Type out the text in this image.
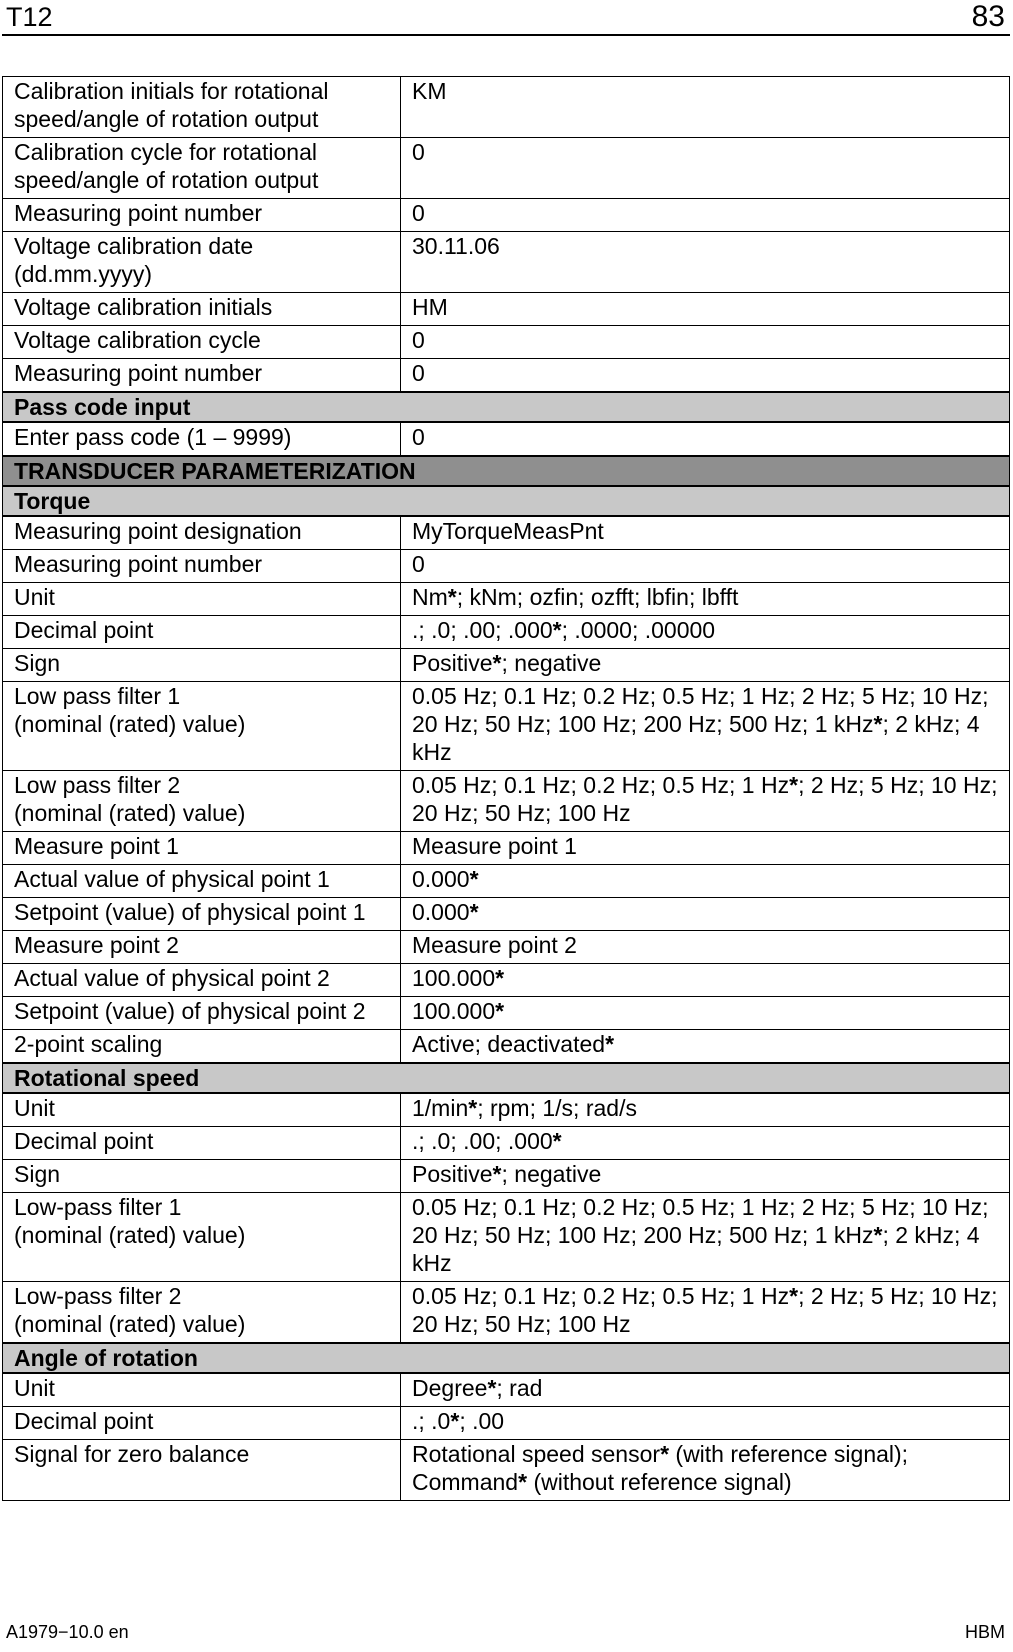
T12	83
Calibration initials for rotational
speed/angle of rotation output	KM
Calibration cycle for rotational
speed/angle of rotation output	0
Measuring point number	0
Voltage calibration date
(dd.mm.yyyy)	30.11.06
Voltage calibration initials	HM
Voltage calibration cycle	0
Measuring point number	0
Pass code input	
Enter pass code (1 – 9999)	0
TRANSDUCER PARAMETERIZATION	
Torque	
Measuring point designation	MyTorqueMeasPnt
Measuring point number	0
Unit	Nm*; kNm; ozfin; ozfft; lbfin; lbfft
Decimal point	.; .0; .00; .000*; .0000; .00000
Sign	Positive*; negative
Low pass filter 1
(nominal (rated) value)	0.05 Hz; 0.1 Hz; 0.2 Hz; 0.5 Hz; 1 Hz; 2 Hz; 5 Hz; 10 Hz; 20 Hz; 50 Hz; 100 Hz; 200 Hz; 500 Hz; 1 kHz*; 2 kHz; 4 kHz
Low pass filter 2
(nominal (rated) value)	0.05 Hz; 0.1 Hz; 0.2 Hz; 0.5 Hz; 1 Hz*; 2 Hz; 5 Hz; 10 Hz; 20 Hz; 50 Hz; 100 Hz
Measure point 1	Measure point 1
Actual value of physical point 1	0.000*
Setpoint (value) of physical point 1	0.000*
Measure point 2	Measure point 2
Actual value of physical point 2	100.000*
Setpoint (value) of physical point 2	100.000*
2-point scaling	Active; deactivated*
Rotational speed	
Unit	1/min*; rpm; 1/s; rad/s
Decimal point	.; .0; .00; .000*
Sign	Positive*; negative
Low-pass filter 1
(nominal (rated) value)	0.05 Hz; 0.1 Hz; 0.2 Hz; 0.5 Hz; 1 Hz; 2 Hz; 5 Hz; 10 Hz; 20 Hz; 50 Hz; 100 Hz; 200 Hz; 500 Hz; 1 kHz*; 2 kHz; 4 kHz
Low-pass filter 2
(nominal (rated) value)	0.05 Hz; 0.1 Hz; 0.2 Hz; 0.5 Hz; 1 Hz*; 2 Hz; 5 Hz; 10 Hz; 20 Hz; 50 Hz; 100 Hz
Angle of rotation	
Unit	Degree*; rad
Decimal point	.; .0*; .00
Signal for zero balance	Rotational speed sensor* (with reference signal); Command* (without reference signal)
A1979−10.0 en	HBM
